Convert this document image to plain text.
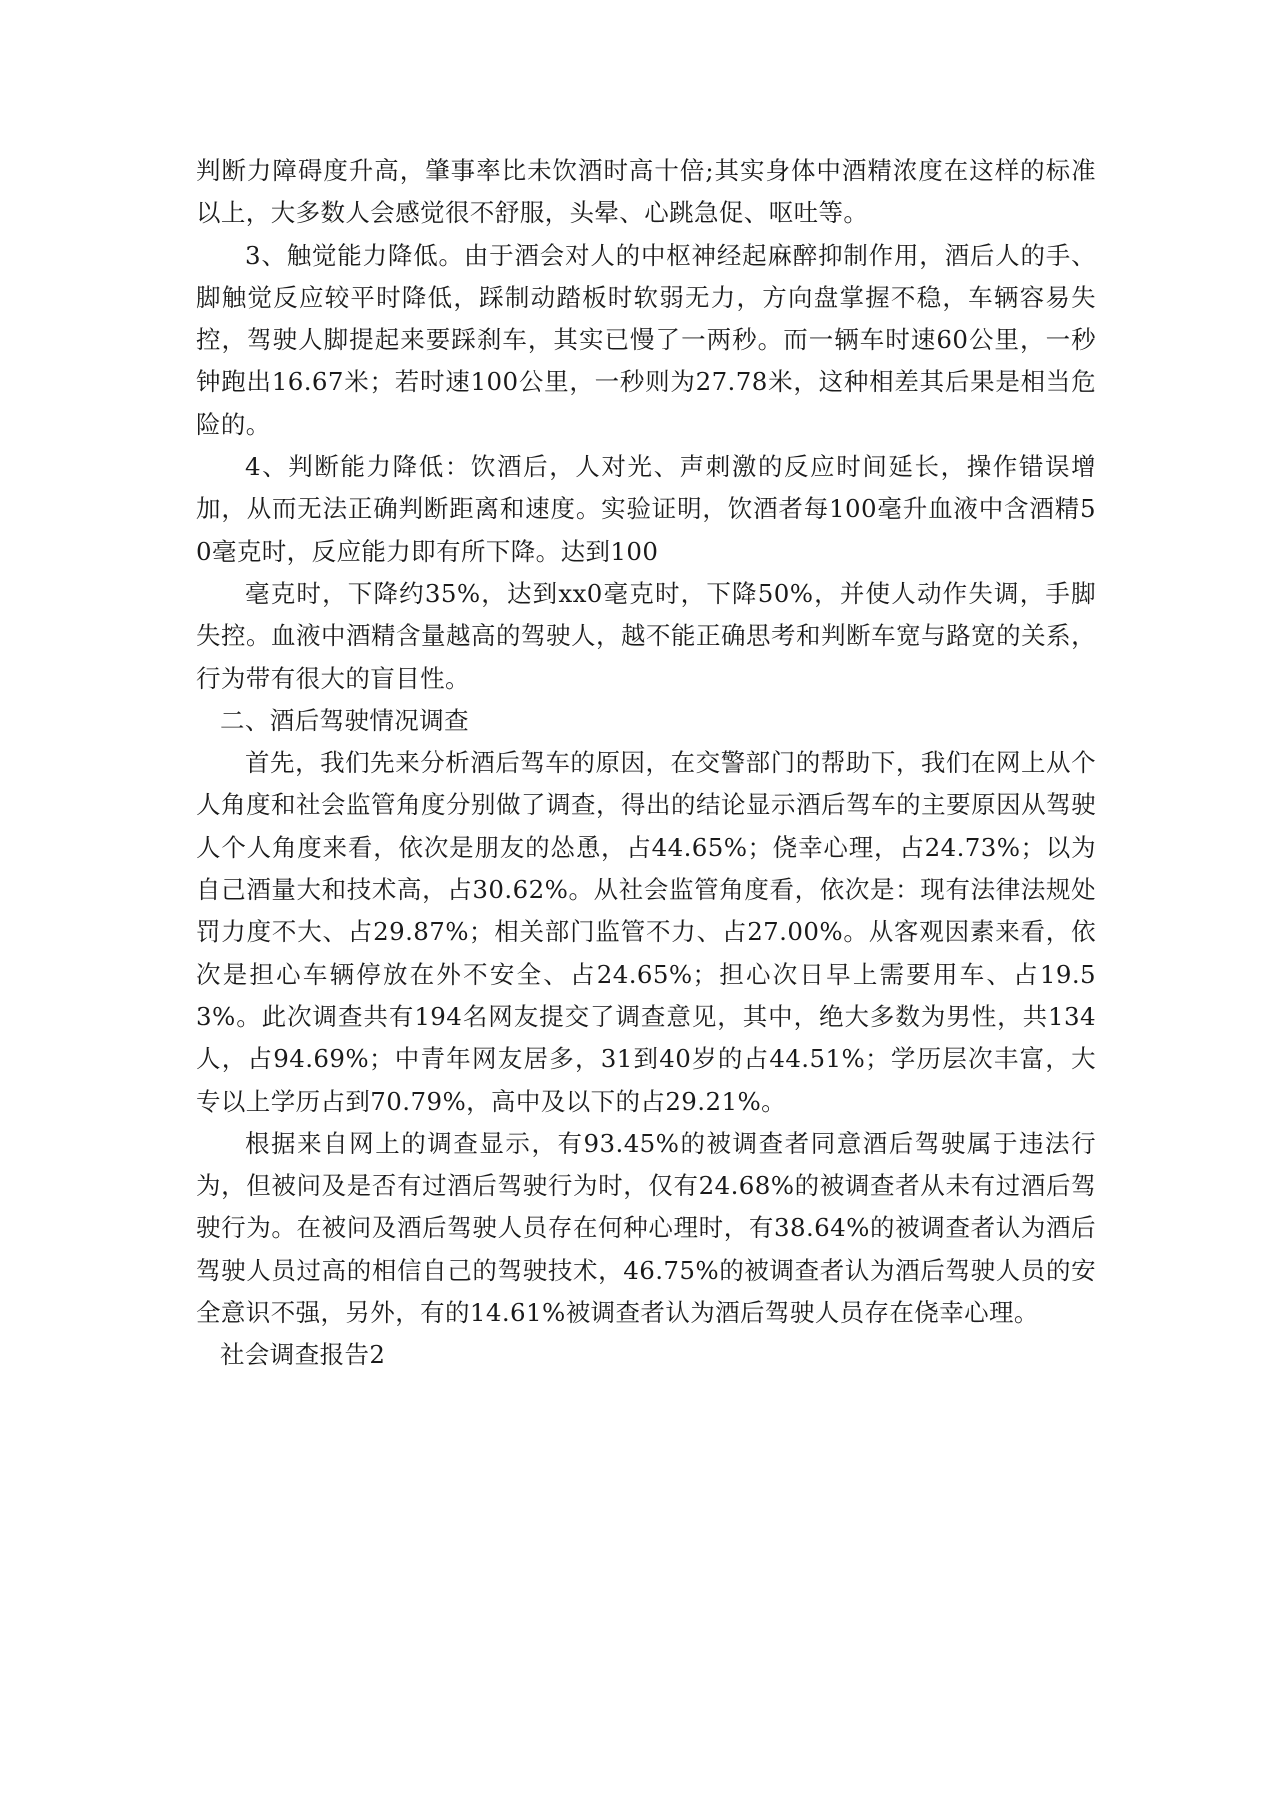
判断力障碍度升高，肇事率比未饮酒时高十倍;其实身体中酒精浓度在这样的标准以上，大多数人会感觉很不舒服，头晕、心跳急促、呕吐等。

3、触觉能力降低。由于酒会对人的中枢神经起麻醉抑制作用，酒后人的手、脚触觉反应较平时降低，踩制动踏板时软弱无力，方向盘掌握不稳，车辆容易失控，驾驶人脚提起来要踩刹车，其实已慢了一两秒。而一辆车时速60公里，一秒钟跑出16.67米；若时速100公里，一秒则为27.78米，这种相差其后果是相当危险的。

4、判断能力降低：饮酒后，人对光、声刺激的反应时间延长，操作错误增加，从而无法正确判断距离和速度。实验证明，饮酒者每100毫升血液中含酒精50毫克时，反应能力即有所下降。达到100

毫克时，下降约35%，达到xx0毫克时，下降50%，并使人动作失调，手脚失控。血液中酒精含量越高的驾驶人，越不能正确思考和判断车宽与路宽的关系，行为带有很大的盲目性。

二、酒后驾驶情况调查

首先，我们先来分析酒后驾车的原因，在交警部门的帮助下，我们在网上从个人角度和社会监管角度分别做了调查，得出的结论显示酒后驾车的主要原因从驾驶人个人角度来看，依次是朋友的怂恿，占44.65%；侥幸心理，占24.73%；以为自己酒量大和技术高，占30.62%。从社会监管角度看，依次是：现有法律法规处罚力度不大、占29.87%；相关部门监管不力、占27.00%。从客观因素来看，依次是担心车辆停放在外不安全、占24.65%；担心次日早上需要用车、占19.53%。此次调查共有194名网友提交了调查意见，其中，绝大多数为男性，共134人，占94.69%；中青年网友居多，31到40岁的占44.51%；学历层次丰富，大专以上学历占到70.79%，高中及以下的占29.21%。

根据来自网上的调查显示，有93.45%的被调查者同意酒后驾驶属于违法行为，但被问及是否有过酒后驾驶行为时，仅有24.68%的被调查者从未有过酒后驾驶行为。在被问及酒后驾驶人员存在何种心理时，有38.64%的被调查者认为酒后驾驶人员过高的相信自己的驾驶技术，46.75%的被调查者认为酒后驾驶人员的安全意识不强，另外，有的14.61%被调查者认为酒后驾驶人员存在侥幸心理。

社会调查报告2
